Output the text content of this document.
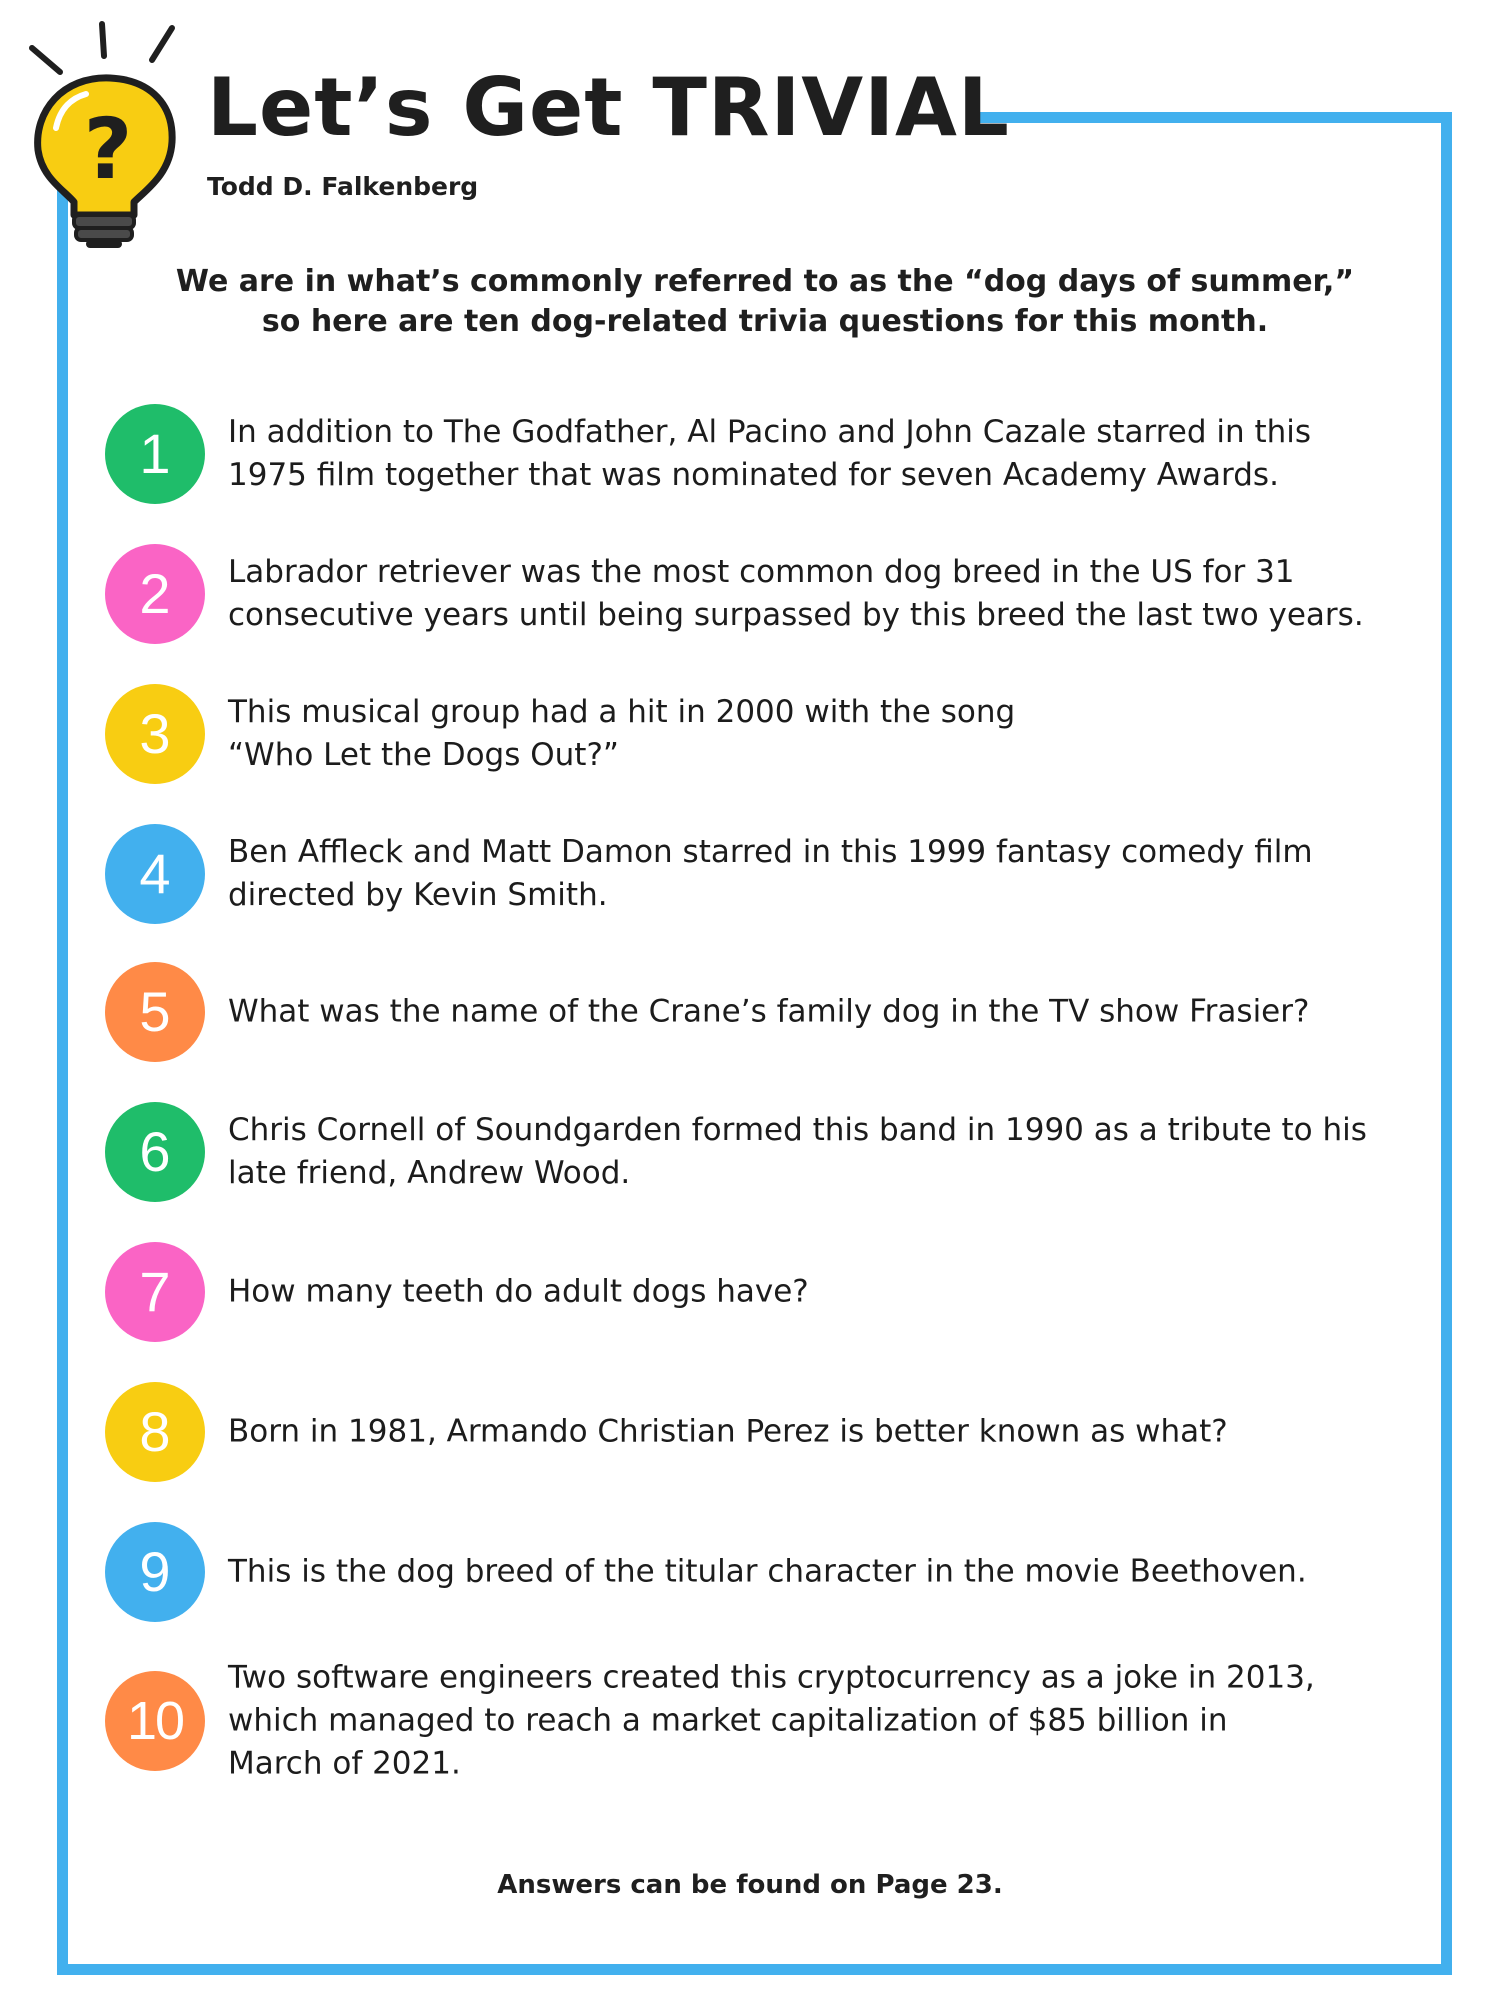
? Let’s Get TRIVIAL
Todd D. Falkenberg

We are in what’s commonly referred to as the “dog days of summer,”
so here are ten dog-related trivia questions for this month.

1	In addition to The Godfather, Al Pacino and John Cazale starred in this
1975 film together that was nominated for seven Academy Awards.
2	Labrador retriever was the most common dog breed in the US for 31
consecutive years until being surpassed by this breed the last two years.
3	This musical group had a hit in 2000 with the song
“Who Let the Dogs Out?”
4	Ben Affleck and Matt Damon starred in this 1999 fantasy comedy film
directed by Kevin Smith.
5	What was the name of the Crane’s family dog in the TV show Frasier?
6	Chris Cornell of Soundgarden formed this band in 1990 as a tribute to his
late friend, Andrew Wood.
7	How many teeth do adult dogs have?
8	Born in 1981, Armando Christian Perez is better known as what?
9	This is the dog breed of the titular character in the movie Beethoven.
10
Two software engineers created this cryptocurrency as a joke in 2013,
which managed to reach a market capitalization of $85 billion in
March of 2021.
Answers can be found on Page 23.
